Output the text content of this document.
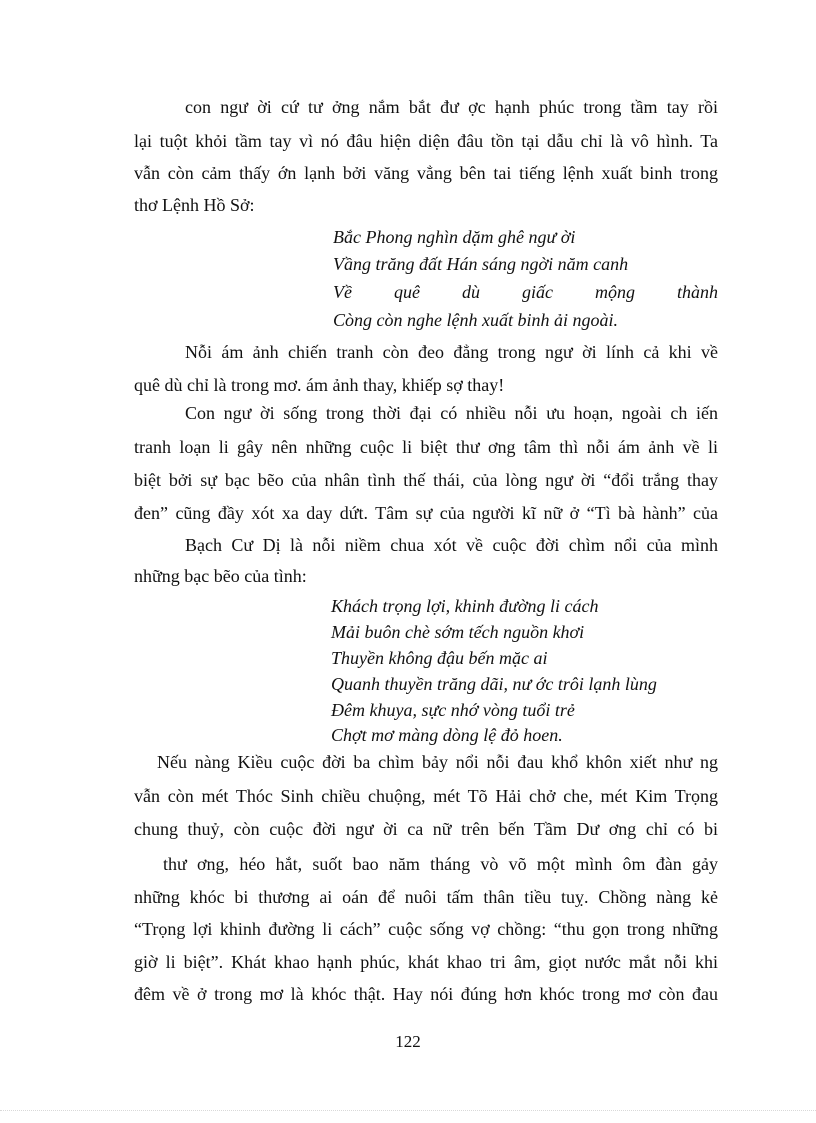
con ngư ời cứ tư ởng nắm bắt đư ợc hạnh phúc trong tầm tay rồi
lại tuột khỏi tầm tay vì nó đâu hiện diện đâu tồn tại dẫu chỉ là vô hình. Ta
vẫn còn cảm thấy ớn lạnh bởi văng vẳng bên tai tiếng lệnh xuất binh trong
thơ Lệnh Hồ Sở:
Bắc Phong nghìn dặm ghê ngư ời
Vầng trăng đất Hán sáng ngời năm canh
Về quê dù giấc mộng thành
Còng còn nghe lệnh xuất binh ải ngoài.
Nỗi ám ảnh chiến tranh còn đeo đẳng trong ngư ời lính cả khi về
quê dù chỉ là trong mơ. ám ảnh thay, khiếp sợ thay!
Con ngư ời sống trong thời đại có nhiều nỗi ưu hoạn, ngoài ch iến
tranh loạn li gây nên những cuộc li biệt thư ơng tâm thì nỗi ám ảnh về li
biệt bởi sự bạc bẽo của nhân tình thế thái, của lòng ngư ời “đổi trắng thay
đen” cũng đầy xót xa day dứt. Tâm sự của người kĩ nữ ở “Tì bà hành” của
Bạch Cư Dị là nỗi niềm chua xót về cuộc đời chìm nổi của mình
những bạc bẽo của tình:
Khách trọng lợi, khinh đường li cách
Mải buôn chè sớm tếch nguồn khơi
Thuyền không đậu bến mặc ai
Quanh thuyền trăng dãi, nư ớc trôi lạnh lùng
Đêm khuya, sực nhớ vòng tuổi trẻ
Chợt mơ màng dòng lệ đỏ hoen.
Nếu nàng Kiều cuộc đời ba chìm bảy nổi nỗi đau khổ khôn xiết như ng
vẫn còn mét Thóc Sinh chiều chuộng, mét Tõ Hải chở che, mét Kim Trọng
chung thuỷ, còn cuộc đời ngư ời ca nữ trên bến Tầm Dư ơng chỉ có bi
thư ơng, héo hắt, suốt bao năm tháng vò võ một mình ôm đàn gảy
những khóc bi thương ai oán để nuôi tấm thân tiều tuỵ. Chồng nàng kẻ
“Trọng lợi khinh đường li cách” cuộc sống vợ chồng: “thu gọn trong những
giờ li biệt”. Khát khao hạnh phúc, khát khao tri âm, giọt nước mắt nỗi khi
đêm về ở trong mơ là khóc thật. Hay nói đúng hơn khóc trong mơ còn đau
122
